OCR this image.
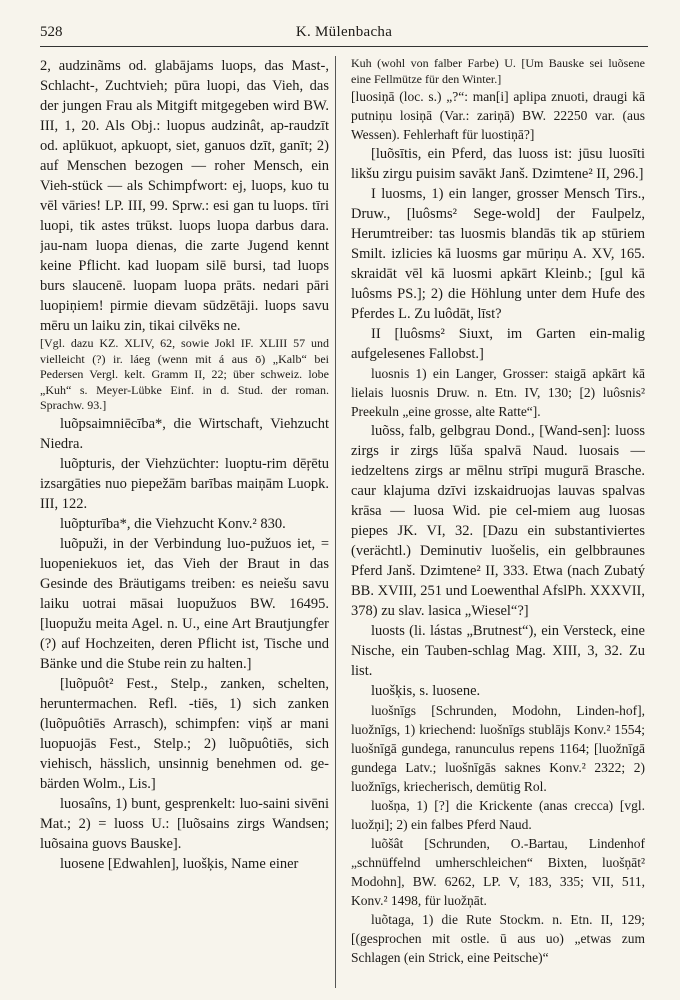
528	K. Mülenbacha

2, audzinãms od. glabājams luops, das Mast-, Schlacht-, Zuchtvieh; pūra luopi, das Vieh, das der jungen Frau als Mitgift mitgegeben wird BW. III, 1, 20. Als Obj.: luopus audzinât, ap-raudzīt od. aplūkuot, apkuopt, siet, ganuos dzīt, ganīt; 2) auf Menschen bezogen — roher Mensch, ein Vieh-stück — als Schimpfwort: ej, luops, kuo tu vēl vāries! LP. III, 99. Sprw.: esi gan tu luops. tīri luopi, tik astes trūkst. luops luopa darbus dara. jau-nam luopa dienas, die zarte Jugend kennt keine Pflicht. kad luopam silē bursi, tad luops burs slaucenē. luopam luopa prāts. nedari pāri luopiņiem! pirmie dievam sūdzētāji. luops savu mēru un laiku zin, tikai cilvēks ne.

[Vgl. dazu KZ. XLIV, 62, sowie Jokl IF. XLIII 57 und vielleicht (?) ir. láeg (wenn mit á aus ō) „Kalb“ bei Pedersen Vergl. kelt. Gramm II, 22; über schweiz. lobe „Kuh“ s. Meyer-Lübke Einf. in d. Stud. der roman. Sprachw. 93.]

luõpsaimniēcība*, die Wirtschaft, Viehzucht Niedra.

luõpturis, der Viehzüchter: luoptu-rim dēŗētu izsargāties nuo piepežām barības maiņām Luopk. III, 122.

luõpturība*, die Viehzucht Konv.² 830.

luõpuži, in der Verbindung luo-pužuos iet, = luopeniekuos iet, das Vieh der Braut in das Gesinde des Bräutigams treiben: es neiešu savu laiku uotrai māsai luopužuos BW. 16495. [luopužu meita Agel. n. U., eine Art Brautjungfer (?) auf Hochzeiten, deren Pflicht ist, Tische und Bänke und die Stube rein zu halten.]

[luõpuôt² Fest., Stelp., zanken, schelten, heruntermachen. Refl. -tiēs, 1) sich zanken (luõpuôtiēs Arrasch), schimpfen: viņš ar mani luopuojās Fest., Stelp.; 2) luõpuôtiēs, sich viehisch, hässlich, unsinnig benehmen od. ge-bärden Wolm., Lis.]

luosaîns, 1) bunt, gesprenkelt: luo-saini sivēni Mat.; 2) = luoss U.: [luõsains zirgs Wandsen; luõsaina guovs Bauske].

luosene [Edwahlen], luošķis, Name einer

Kuh (wohl von falber Farbe) U. [Um Bauske sei luõsene eine Fellmütze für den Winter.]

[luosiņā (loc. s.) „?“: man[i] aplipa znuoti, draugi kā putniņu losiņā (Var.: zariņā) BW. 22250 var. (aus Wessen). Fehlerhaft für luostiņā?]

[luõsītis, ein Pferd, das luoss ist: jūsu luosīti likšu zirgu puisim savākt Janš. Dzimtene² II, 296.]

I luosms, 1) ein langer, grosser Mensch Tirs., Druw., [luôsms² Sege-wold] der Faulpelz, Herumtreiber: tas luosmis blandās tik ap stūriem Smilt. izlicies kā luosms gar mūriņu A. XV, 165. skraidāt vēl kā luosmi apkārt Kleinb.; [gul kā luôsms PS.]; 2) die Höhlung unter dem Hufe des Pferdes L. Zu luôdāt, līst?

II [luôsms² Siuxt, im Garten ein-malig aufgelesenes Fallobst.]

luosnis 1) ein Langer, Grosser: staigā apkārt kā lielais luosnis Druw. n. Etn. IV, 130; [2) luôsnis² Preekuln „eine grosse, alte Ratte“].

luõss, falb, gelbgrau Dond., [Wand-sen]: luoss zirgs ir zirgs lūša spalvā Naud. luosais — iedzeltens zirgs ar mēlnu strīpi mugurā Brasche. caur klajuma dzīvi izskaidruojas lauvas spalvas krāsa — luosa Wid. pie cel-miem aug luosas piepes JK. VI, 32. [Dazu ein substantiviertes (verächtl.) Deminutiv luošelis, ein gelbbraunes Pferd Janš. Dzimtene² II, 333. Etwa (nach Zubatý BB. XVIII, 251 und Loewenthal AfslPh. XXXVII, 378) zu slav. lasica „Wiesel“?]

luosts (li. lástas „Brutnest“), ein Versteck, eine Nische, ein Tauben-schlag Mag. XIII, 3, 32. Zu list.

luošķis, s. luosene.

luošnīgs [Schrunden, Modohn, Linden-hof], luožnīgs, 1) kriechend: luošnīgs stublājs Konv.² 1554; luošnīgā gundega, ranunculus repens 1164; [luožnīgā gundega Latv.; luošnīgās saknes Konv.² 2322; 2) luožnīgs, kriecherisch, demütig Rol.

luošņa, 1) [?] die Krickente (anas crecca) [vgl. luožņi]; 2) ein falbes Pferd Naud.

luõšât [Schrunden, O.-Bartau, Lindenhof „schnüffelnd umherschleichen“ Bixten, luošņāt² Modohn], BW. 6262, LP. V, 183, 335; VII, 511, Konv.² 1498, für luožņāt.

luõtaga, 1) die Rute Stockm. n. Etn. II, 129; [(gesprochen mit ostle. ū aus uo) „etwas zum Schlagen (ein Strick, eine Peitsche)“
